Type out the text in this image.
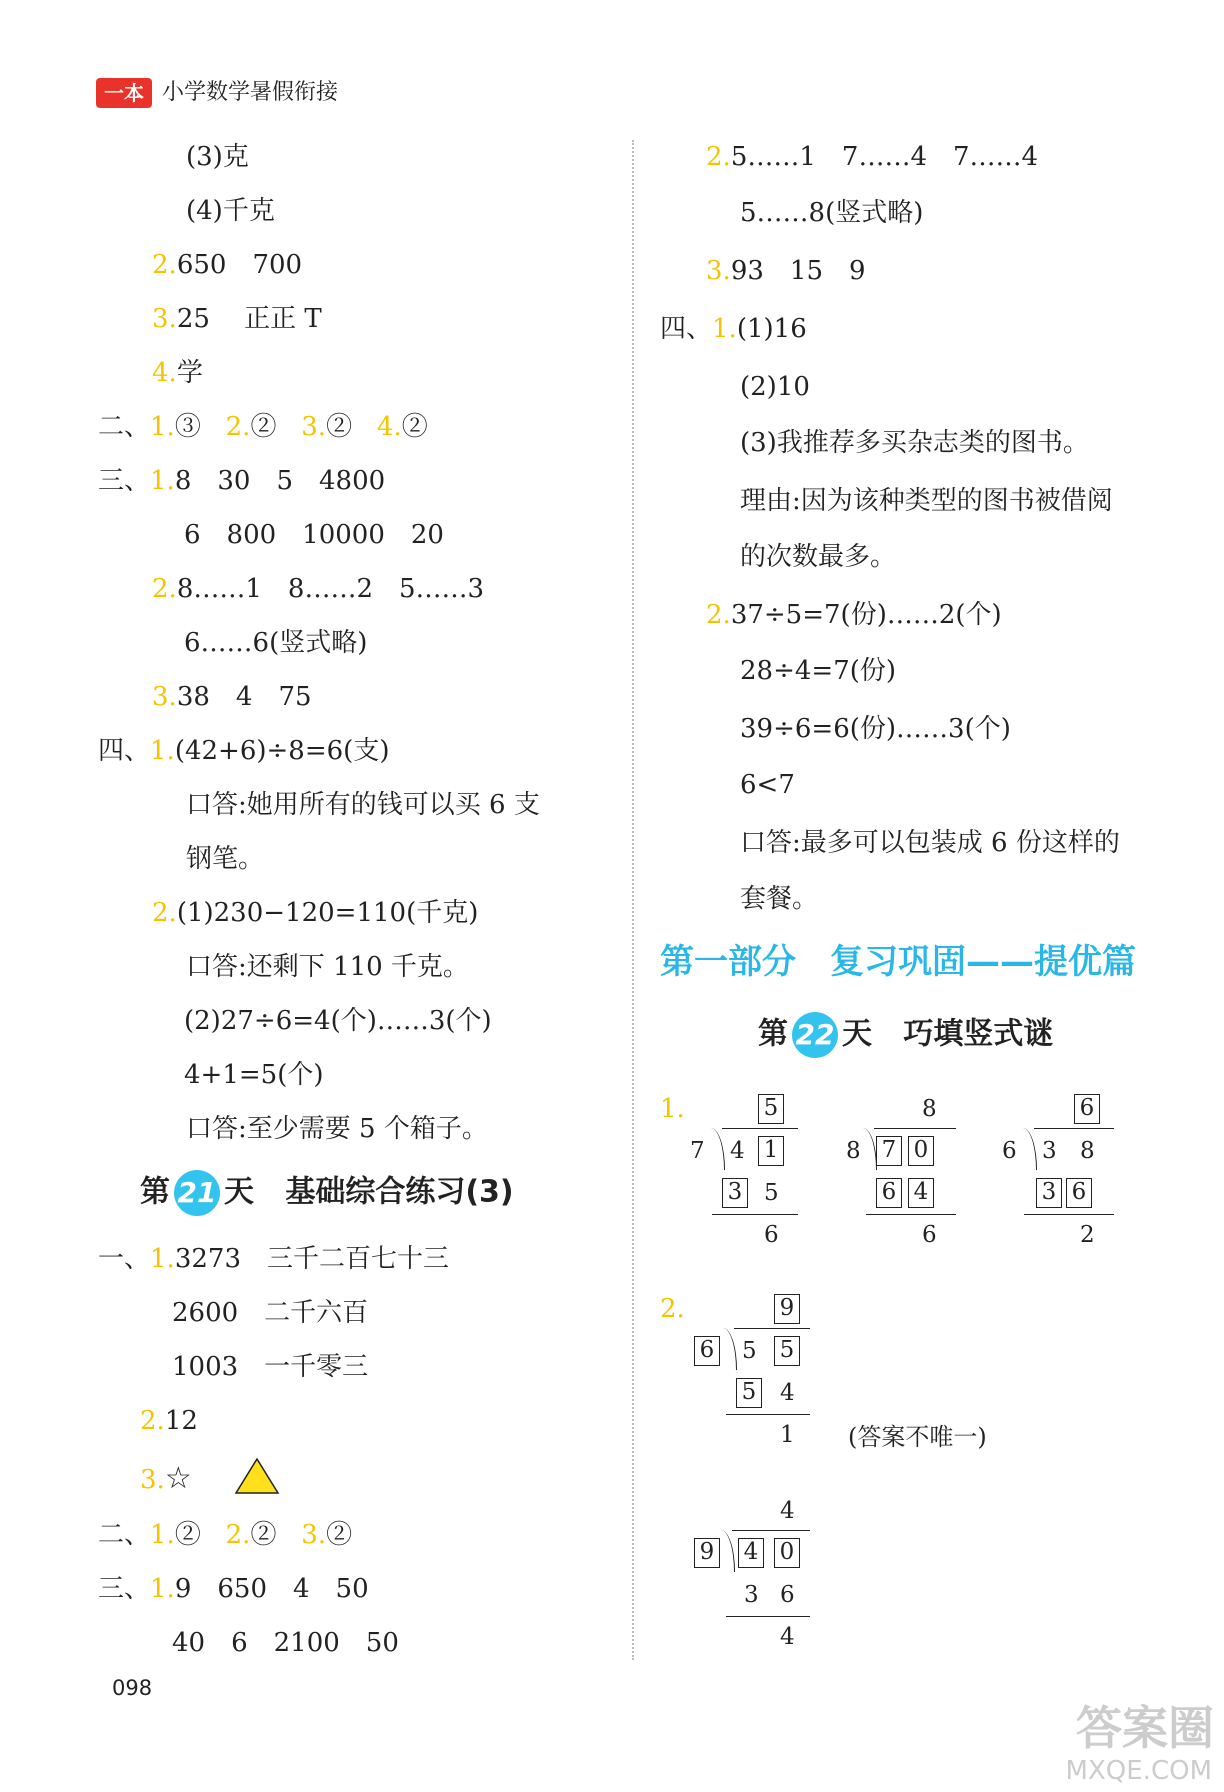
一本 小学数学暑假衔接
(3)克
(4)千克
2.650　700
3.25　 正正 T
4.学
二、1.③ 2.② 3.② 4.②
三、1.8　30　5　4800
6　800　10000　20
2.8……1　8……2　5……3
6……6(竖式略)
3.38　4　75
四、1.(42+6)÷8=6(支)
口答:她用所有的钱可以买 6 支
钢笔。
2.(1)230−120=110(千克)
口答:还剩下 110 千克。
(2)27÷6=4(个)……3(个)
4+1=5(个)
口答:至少需要 5 个箱子。
第 21 天 基础综合练习(3)
一、1.3273　三千二百七十三
2600　二千六百
1003　一千零三
2.12
3.☆
二、1.② 2.② 3.②
三、1.9　650　4　50
40　6　2100　50
2.5……1　7……4　7……4
5……8(竖式略)
3.93　15　9
四、1.(1)16
(2)10
(3)我推荐多买杂志类的图书。
理由:因为该种类型的图书被借阅
的次数最多。
2.37÷5=7(份)……2(个)
28÷4=7(份)
39÷6=6(份)……3(个)
6<7
口答:最多可以包装成 6 份这样的
套餐。
第一部分　复习巩固——提优篇
第 22 天 巧填竖式谜
1.
2.
(答案不唯一)
5
7 4 1
3 5
6
8
8 7 0
6 4
6
6
6 3 8
3 6
2
9
6 5 5
5 4
1
4
9 4 0
3 6
4
098
答案圈
MXQE.COM
